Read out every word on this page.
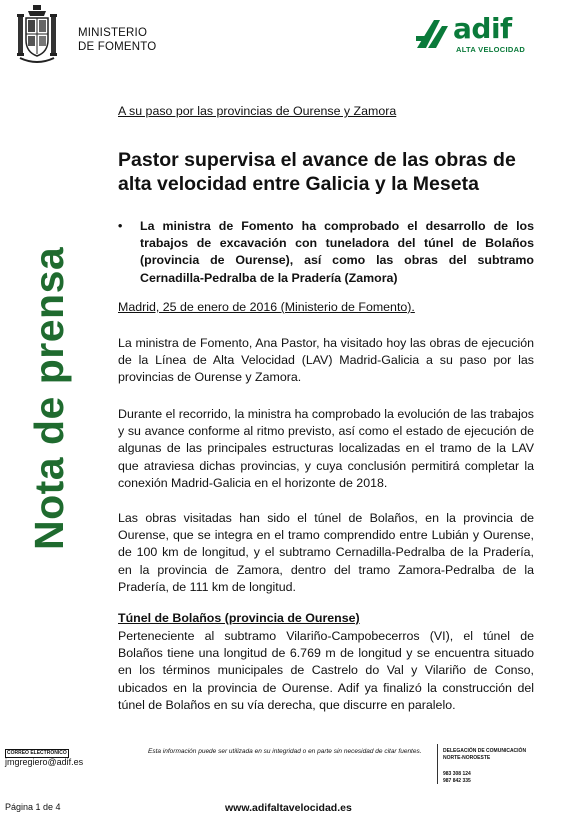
MINISTERIO
DE FOMENTO
adif
ALTA VELOCIDAD
Nota de prensa
A su paso por las provincias de Ourense y Zamora
Pastor supervisa el avance de las obras de alta velocidad entre Galicia y la Meseta
• La ministra de Fomento ha comprobado el desarrollo de los trabajos de excavación con tuneladora del túnel de Bolaños (provincia de Ourense), así como las obras del subtramo Cernadilla-Pedralba de la Pradería (Zamora)
Madrid, 25 de enero de 2016 (Ministerio de Fomento).
La ministra de Fomento, Ana Pastor, ha visitado hoy las obras de ejecución de la Línea de Alta Velocidad (LAV) Madrid-Galicia a su paso por las provincias de Ourense y Zamora.
Durante el recorrido, la ministra ha comprobado la evolución de las trabajos y su avance conforme al ritmo previsto, así como el estado de ejecución de algunas de las principales estructuras localizadas en el tramo de la LAV que atraviesa dichas provincias, y cuya conclusión permitirá completar la conexión Madrid-Galicia en el horizonte de 2018.
Las obras visitadas han sido el túnel de Bolaños, en la provincia de Ourense, que se integra en el tramo comprendido entre Lubián y Ourense, de 100 km de longitud, y el subtramo Cernadilla-Pedralba de la Pradería, en la provincia de Zamora, dentro del tramo Zamora-Pedralba de la Pradería, de 111 km de longitud.
Túnel de Bolaños (provincia de Ourense)
Perteneciente al subtramo Vilariño-Campobecerros (VI), el túnel de Bolaños tiene una longitud de 6.769 m de longitud y se encuentra situado en los términos municipales de Castrelo do Val y Vilariño de Conso, ubicados en la provincia de Ourense. Adif ya finalizó la construcción del túnel de Bolaños en su vía derecha, que discurre en paralelo.
CORREO ELECTRÓNICO
jmgregiero@adif.es
Esta información puede ser utilizada en su integridad o en parte sin necesidad de citar fuentes.	DELEGACIÓN DE COMUNICACIÓN
NORTE-NOROESTE
983 308 124
987 842 335
Página 1 de 4	www.adifaltavelocidad.es
